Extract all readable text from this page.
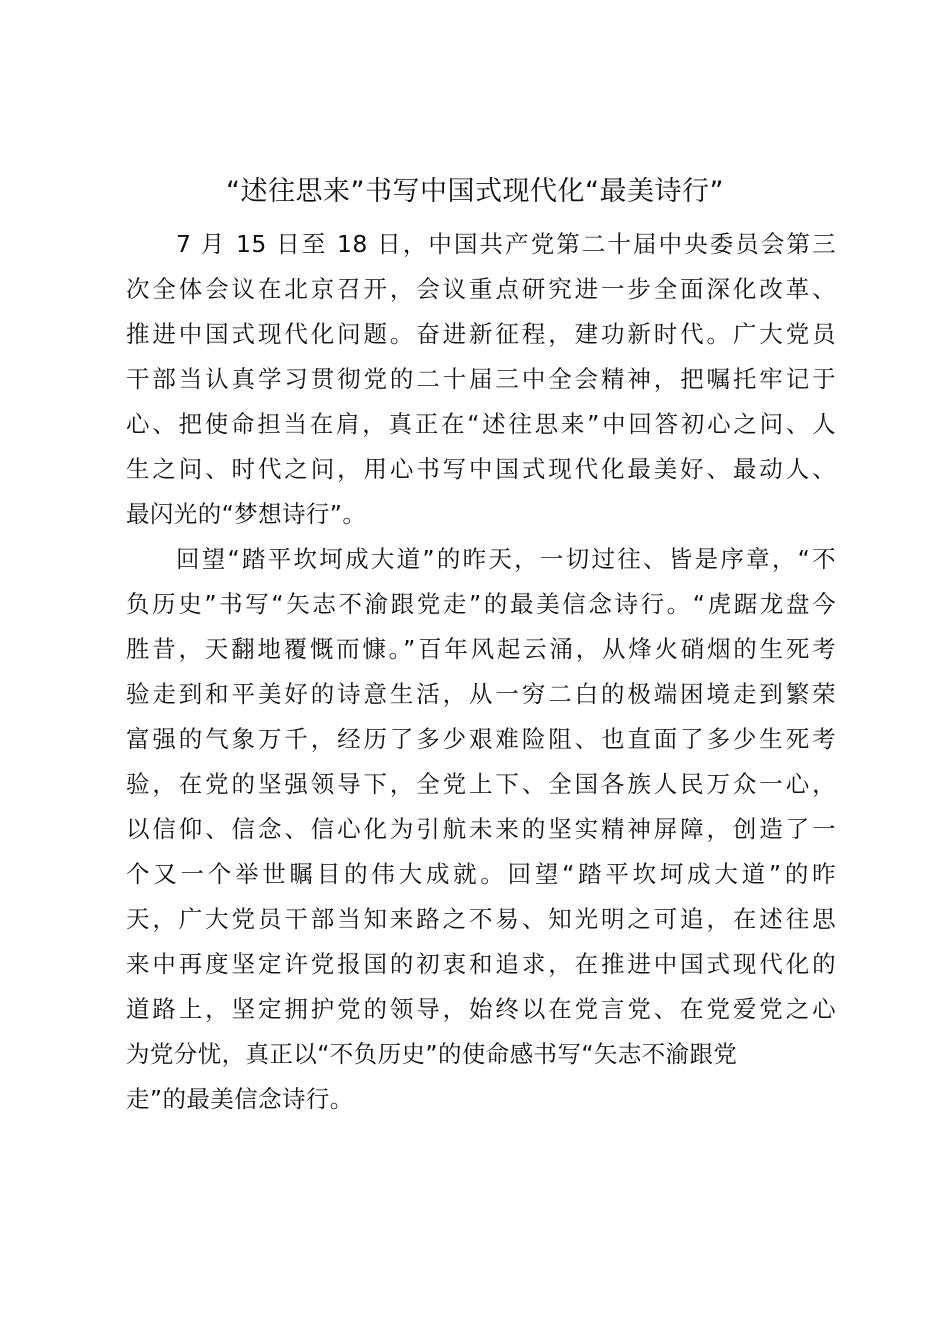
“述往思来”书写中国式现代化“最美诗行”
7 月 15 日至 18 日，中国共产党第二十届中央委员会第三
次全体会议在北京召开，会议重点研究进一步全面深化改革、
推进中国式现代化问题。奋进新征程，建功新时代。广大党员
干部当认真学习贯彻党的二十届三中全会精神，把嘱托牢记于
心、把使命担当在肩，真正在“述往思来”中回答初心之问、人
生之问、时代之问，用心书写中国式现代化最美好、最动人、
最闪光的“梦想诗行”。
回望“踏平坎坷成大道”的昨天，一切过往、皆是序章，“不
负历史”书写“矢志不渝跟党走”的最美信念诗行。“虎踞龙盘今
胜昔，天翻地覆慨而慷。”百年风起云涌，从烽火硝烟的生死考
验走到和平美好的诗意生活，从一穷二白的极端困境走到繁荣
富强的气象万千，经历了多少艰难险阻、也直面了多少生死考
验，在党的坚强领导下，全党上下、全国各族人民万众一心，
以信仰、信念、信心化为引航未来的坚实精神屏障，创造了一
个又一个举世瞩目的伟大成就。回望“踏平坎坷成大道”的昨
天，广大党员干部当知来路之不易、知光明之可追，在述往思
来中再度坚定许党报国的初衷和追求，在推进中国式现代化的
道路上，坚定拥护党的领导，始终以在党言党、在党爱党之心
为党分忧，真正以“不负历史”的使命感书写“矢志不渝跟党
走”的最美信念诗行。
